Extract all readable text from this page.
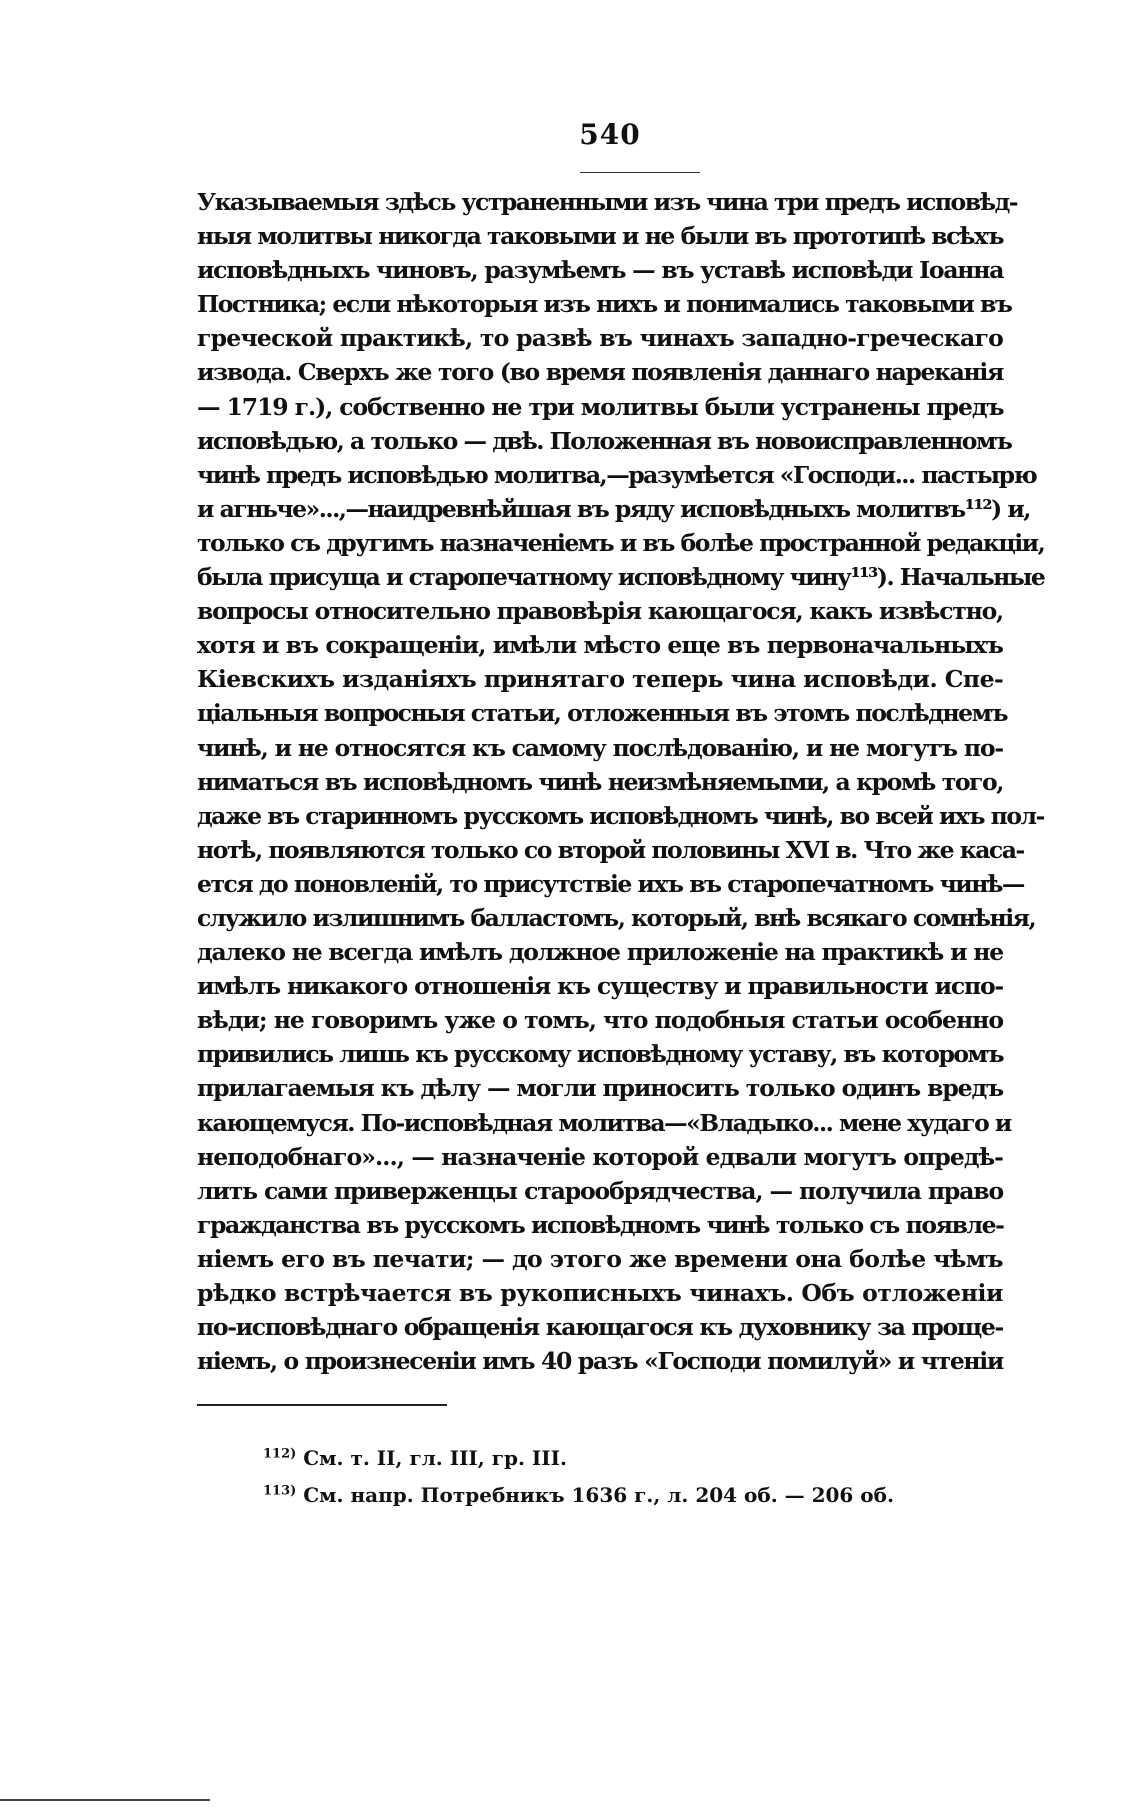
540
Указываемыя здѣсь устраненными изъ чина три предъ исповѣд-
ныя молитвы никогда таковыми и не были въ прототипѣ всѣхъ
исповѣдныхъ чиновъ, разумѣемъ — въ уставѣ исповѣди Іоанна
Постника; если нѣкоторыя изъ нихъ и понимались таковыми въ
греческой практикѣ, то развѣ въ чинахъ западно-греческаго
извода. Сверхъ же того (во время появленія даннаго нареканія
— 1719 г.), собственно не три молитвы были устранены предъ
исповѣдью, а только — двѣ. Положенная въ новоисправленномъ
чинѣ предъ исповѣдью молитва,—разумѣется «Господи... пастырю
и агньче»...,—наидревнѣйшая въ ряду исповѣдныхъ молитвъ¹¹²) и,
только съ другимъ назначеніемъ и въ болѣе пространной редакціи,
была присуща и старопечатному исповѣдному чину¹¹³). Начальные
вопросы относительно правовѣрія кающагося, какъ извѣстно,
хотя и въ сокращеніи, имѣли мѣсто еще въ первоначальныхъ
Кіевскихъ изданіяхъ принятаго теперь чина исповѣди. Спе-
ціальныя вопросныя статьи, отложенныя въ этомъ послѣднемъ
чинѣ, и не относятся къ самому послѣдованію, и не могутъ по-
ниматься въ исповѣдномъ чинѣ неизмѣняемыми, а кромѣ того,
даже въ старинномъ русскомъ исповѣдномъ чинѣ, во всей ихъ пол-
нотѣ, появляются только со второй половины XVI в. Что же каса-
ется до поновленій, то присутствіе ихъ въ старопечатномъ чинѣ—
служило излишнимъ балластомъ, который, внѣ всякаго сомнѣнія,
далеко не всегда имѣлъ должное приложеніе на практикѣ и не
имѣлъ никакого отношенія къ существу и правильности испо-
вѣди; не говоримъ уже о томъ, что подобныя статьи особенно
привились лишь къ русскому исповѣдному уставу, въ которомъ
прилагаемыя къ дѣлу — могли приносить только одинъ вредъ
кающемуся. По-исповѣдная молитва—«Владыко... мене худаго и
неподобнаго»..., — назначеніе которой едвали могутъ опредѣ-
лить сами приверженцы старообрядчества, — получила право
гражданства въ русскомъ исповѣдномъ чинѣ только съ появле-
ніемъ его въ печати; — до этого же времени она болѣе чѣмъ
рѣдко встрѣчается въ рукописныхъ чинахъ. Объ отложеніи
по-исповѣднаго обращенія кающагося къ духовнику за проще-
ніемъ, о произнесеніи имъ 40 разъ «Господи помилуй» и чтеніи
$^{112)}$ См. т. II, гл. III, гр. III.
$^{113)}$ См. напр. Потребникъ 1636 г., л. 204 об. — 206 об.
